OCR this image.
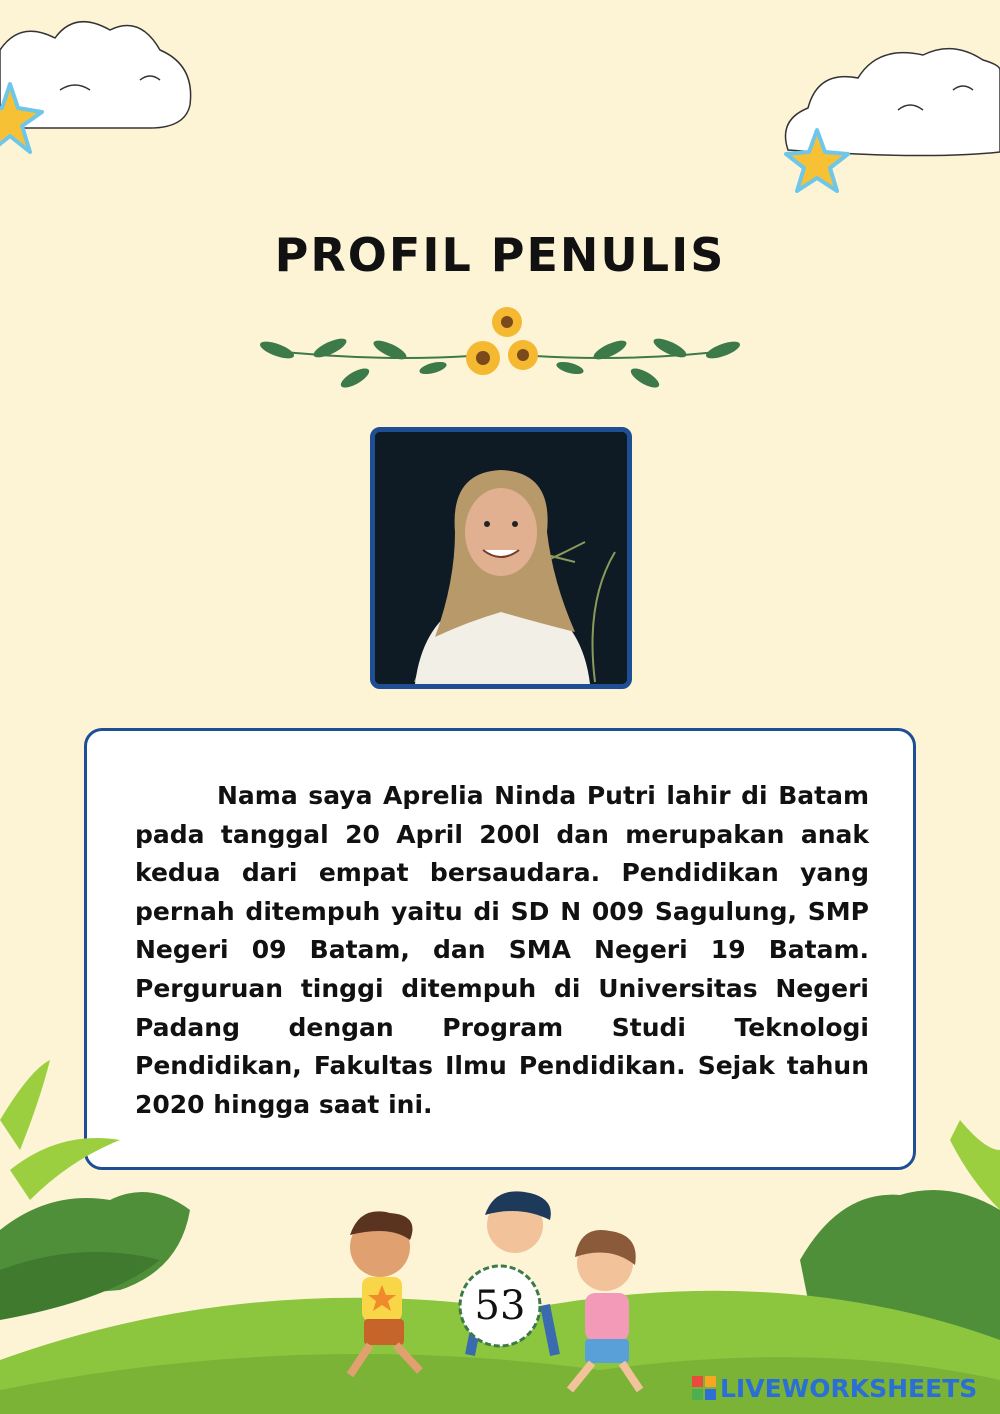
PROFIL PENULIS

Nama saya Aprelia Ninda Putri lahir di Batam pada tanggal 20 April 200l dan merupakan anak kedua dari empat bersaudara. Pendidikan yang pernah ditempuh yaitu di SD N 009 Sagulung, SMP Negeri 09 Batam, dan SMA Negeri 19 Batam. Perguruan tinggi ditempuh di Universitas Negeri Padang dengan Program Studi Teknologi Pendidikan, Fakultas Ilmu Pendidikan. Sejak tahun 2020 hingga saat ini.

53
LIVEWORKSHEETS
